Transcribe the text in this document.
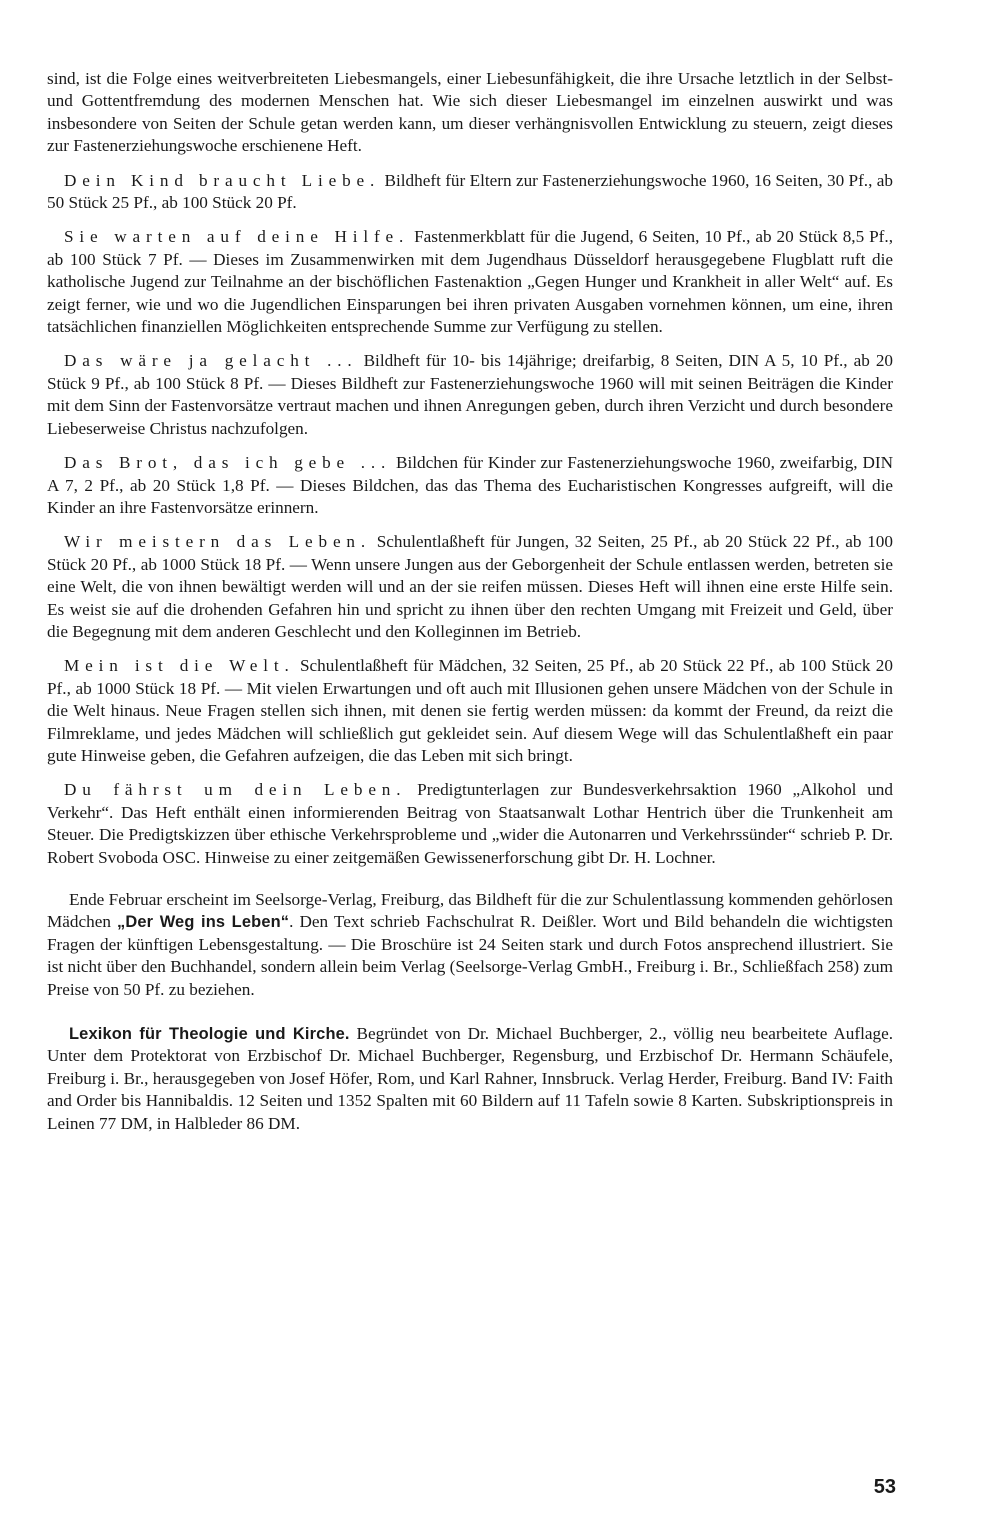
sind, ist die Folge eines weitverbreiteten Liebesmangels, einer Liebesunfähigkeit, die ihre Ursache letztlich in der Selbst- und Gottentfremdung des modernen Menschen hat. Wie sich dieser Liebesmangel im einzelnen auswirkt und was insbesondere von Seiten der Schule getan werden kann, um dieser verhängnisvollen Entwicklung zu steuern, zeigt dieses zur Fastenerziehungswoche erschienene Heft.

Dein Kind braucht Liebe. Bildheft für Eltern zur Fastenerziehungswoche 1960, 16 Seiten, 30 Pf., ab 50 Stück 25 Pf., ab 100 Stück 20 Pf.

Sie warten auf deine Hilfe. Fastenmerkblatt für die Jugend, 6 Seiten, 10 Pf., ab 20 Stück 8,5 Pf., ab 100 Stück 7 Pf. — Dieses im Zusammenwirken mit dem Jugendhaus Düsseldorf herausgegebene Flugblatt ruft die katholische Jugend zur Teilnahme an der bischöflichen Fastenaktion „Gegen Hunger und Krankheit in aller Welt“ auf. Es zeigt ferner, wie und wo die Jugendlichen Einsparungen bei ihren privaten Ausgaben vornehmen können, um eine, ihren tatsächlichen finanziellen Möglichkeiten entsprechende Summe zur Verfügung zu stellen.

Das wäre ja gelacht ... Bildheft für 10- bis 14jährige; dreifarbig, 8 Seiten, DIN A 5, 10 Pf., ab 20 Stück 9 Pf., ab 100 Stück 8 Pf. — Dieses Bildheft zur Fastenerziehungswoche 1960 will mit seinen Beiträgen die Kinder mit dem Sinn der Fastenvorsätze vertraut machen und ihnen Anregungen geben, durch ihren Verzicht und durch besondere Liebeserweise Christus nachzufolgen.

Das Brot, das ich gebe ... Bildchen für Kinder zur Fastenerziehungswoche 1960, zweifarbig, DIN A 7, 2 Pf., ab 20 Stück 1,8 Pf. — Dieses Bildchen, das das Thema des Eucharistischen Kongresses aufgreift, will die Kinder an ihre Fastenvorsätze erinnern.

Wir meistern das Leben. Schulentlaßheft für Jungen, 32 Seiten, 25 Pf., ab 20 Stück 22 Pf., ab 100 Stück 20 Pf., ab 1000 Stück 18 Pf. — Wenn unsere Jungen aus der Geborgenheit der Schule entlassen werden, betreten sie eine Welt, die von ihnen bewältigt werden will und an der sie reifen müssen. Dieses Heft will ihnen eine erste Hilfe sein. Es weist sie auf die drohenden Gefahren hin und spricht zu ihnen über den rechten Umgang mit Freizeit und Geld, über die Begegnung mit dem anderen Geschlecht und den Kolleginnen im Betrieb.

Mein ist die Welt. Schulentlaßheft für Mädchen, 32 Seiten, 25 Pf., ab 20 Stück 22 Pf., ab 100 Stück 20 Pf., ab 1000 Stück 18 Pf. — Mit vielen Erwartungen und oft auch mit Illusionen gehen unsere Mädchen von der Schule in die Welt hinaus. Neue Fragen stellen sich ihnen, mit denen sie fertig werden müssen: da kommt der Freund, da reizt die Filmreklame, und jedes Mädchen will schließlich gut gekleidet sein. Auf diesem Wege will das Schulentlaßheft ein paar gute Hinweise geben, die Gefahren aufzeigen, die das Leben mit sich bringt.

Du fährst um dein Leben. Predigtunterlagen zur Bundesverkehrsaktion 1960 „Alkohol und Verkehr“. Das Heft enthält einen informierenden Beitrag von Staatsanwalt Lothar Hentrich über die Trunkenheit am Steuer. Die Predigtskizzen über ethische Verkehrsprobleme und „wider die Autonarren und Verkehrssünder“ schrieb P. Dr. Robert Svoboda OSC. Hinweise zu einer zeitgemäßen Gewissenerforschung gibt Dr. H. Lochner.

Ende Februar erscheint im Seelsorge-Verlag, Freiburg, das Bildheft für die zur Schulentlassung kommenden gehörlosen Mädchen „Der Weg ins Leben“. Den Text schrieb Fachschulrat R. Deißler. Wort und Bild behandeln die wichtigsten Fragen der künftigen Lebensgestaltung. — Die Broschüre ist 24 Seiten stark und durch Fotos ansprechend illustriert. Sie ist nicht über den Buchhandel, sondern allein beim Verlag (Seelsorge-Verlag GmbH., Freiburg i. Br., Schließfach 258) zum Preise von 50 Pf. zu beziehen.

Lexikon für Theologie und Kirche. Begründet von Dr. Michael Buchberger, 2., völlig neu bearbeitete Auflage. Unter dem Protektorat von Erzbischof Dr. Michael Buchberger, Regensburg, und Erzbischof Dr. Hermann Schäufele, Freiburg i. Br., herausgegeben von Josef Höfer, Rom, und Karl Rahner, Innsbruck. Verlag Herder, Freiburg. Band IV: Faith and Order bis Hannibaldis. 12 Seiten und 1352 Spalten mit 60 Bildern auf 11 Tafeln sowie 8 Karten. Subskriptionspreis in Leinen 77 DM, in Halbleder 86 DM.

53
